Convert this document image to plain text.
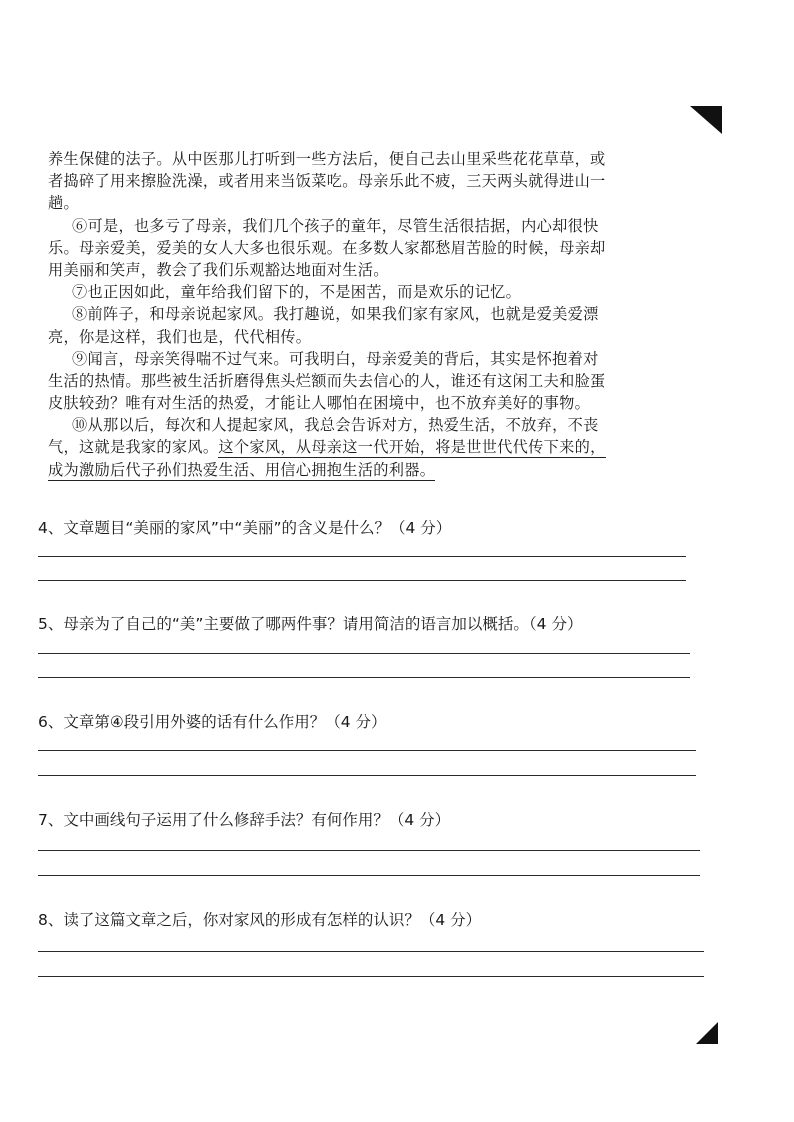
养生保健的法子。从中医那儿打听到一些方法后，便自己去山里采些花花草草，或
者捣碎了用来擦脸洗澡，或者用来当饭菜吃。母亲乐此不疲，三天两头就得进山一
趟。
⑥可是，也多亏了母亲，我们几个孩子的童年，尽管生活很拮据，内心却很快
乐。母亲爱美，爱美的女人大多也很乐观。在多数人家都愁眉苦脸的时候，母亲却
用美丽和笑声，教会了我们乐观豁达地面对生活。
⑦也正因如此，童年给我们留下的，不是困苦，而是欢乐的记忆。
⑧前阵子，和母亲说起家风。我打趣说，如果我们家有家风，也就是爱美爱漂
亮，你是这样，我们也是，代代相传。
⑨闻言，母亲笑得喘不过气来。可我明白，母亲爱美的背后，其实是怀抱着对
生活的热情。那些被生活折磨得焦头烂额而失去信心的人，谁还有这闲工夫和脸蛋
皮肤较劲？唯有对生活的热爱，才能让人哪怕在困境中，也不放弃美好的事物。
⑩从那以后，每次和人提起家风，我总会告诉对方，热爱生活，不放弃，不丧
气，这就是我家的家风。这个家风，从母亲这一代开始，将是世世代代传下来的，
成为激励后代子孙们热爱生活、用信心拥抱生活的利器。
4、文章题目“美丽的家风”中“美丽”的含义是什么？（4 分）
5、母亲为了自己的“美”主要做了哪两件事？请用简洁的语言加以概括。（4 分）
6、文章第④段引用外婆的话有什么作用？（4 分）
7、文中画线句子运用了什么修辞手法？有何作用？（4 分）
8、读了这篇文章之后，你对家风的形成有怎样的认识？（4 分）
